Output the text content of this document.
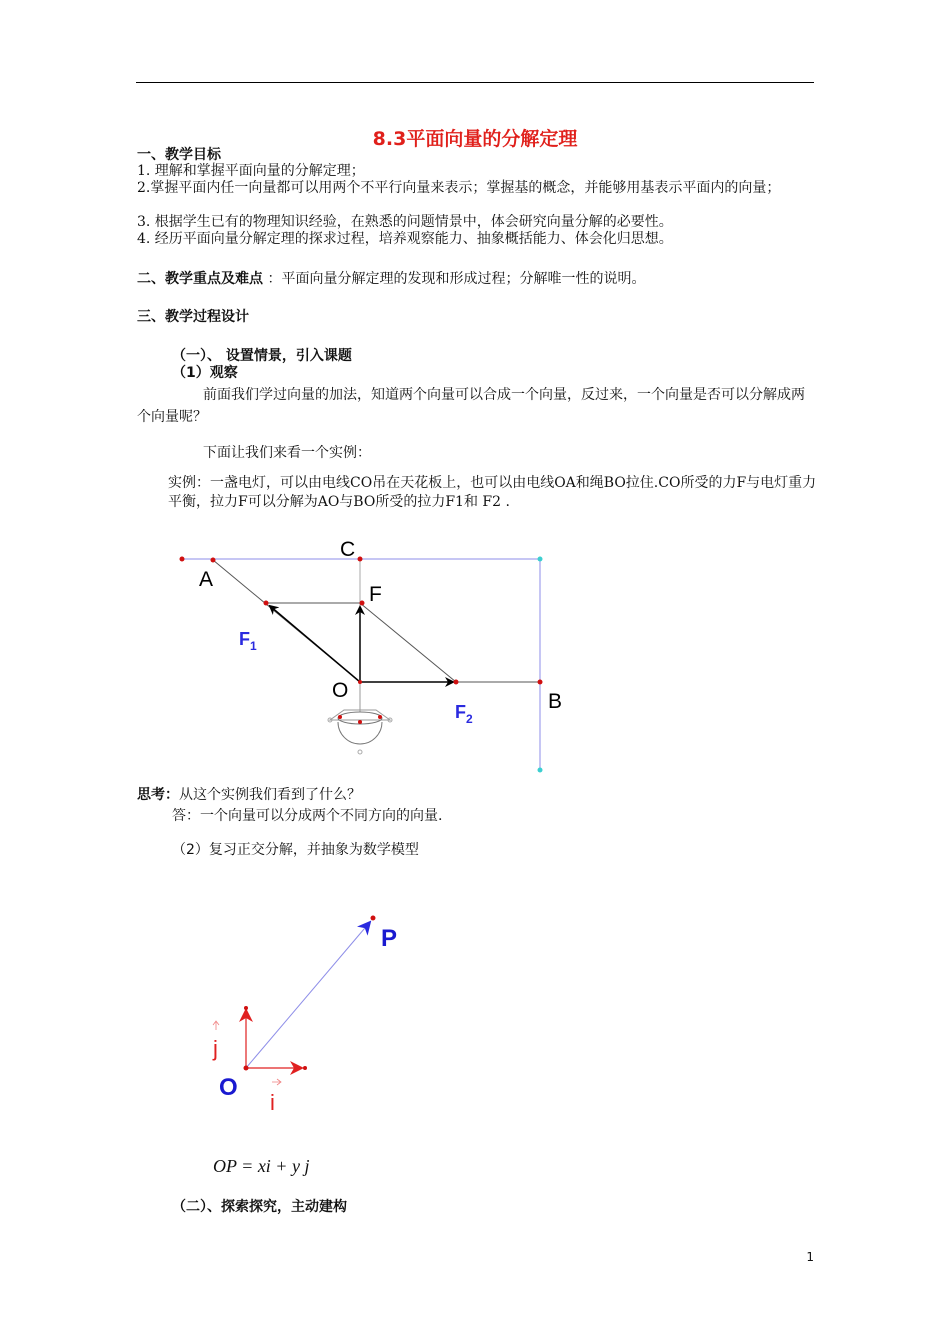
8.3平面向量的分解定理
一、教学目标
1. 理解和掌握平面向量的分解定理；
2.掌握平面内任一向量都可以用两个不平行向量来表示；掌握基的概念，并能够用基表示平面内的向量；
3. 根据学生已有的物理知识经验，在熟悉的问题情景中，体会研究向量分解的必要性。
4. 经历平面向量分解定理的探求过程，培养观察能力、抽象概括能力、体会化归思想。
二、教学重点及难点 ：平面向量分解定理的发现和形成过程；分解唯一性的说明。
三、教学过程设计
（一）、 设置情景，引入课题
（1）观察
前面我们学过向量的加法，知道两个向量可以合成一个向量，反过来，一个向量是否可以分解成两个向量呢？
下面让我们来看一个实例：
实例：一盏电灯，可以由电线CO吊在天花板上，也可以由电线OA和绳BO拉住.CO所受的力F与电灯重力平衡，拉力F可以分解为AO与BO所受的拉力F1和 F2 .
C
A
F
O	B
$F_1$
$F_2$
思考：从这个实例我们看到了什么？
答：一个向量可以分成两个不同方向的向量.
（2）复习正交分解，并抽象为数学模型
P
j
O
i
OP = xi + y j
（二）、探索探究，主动建构
1
